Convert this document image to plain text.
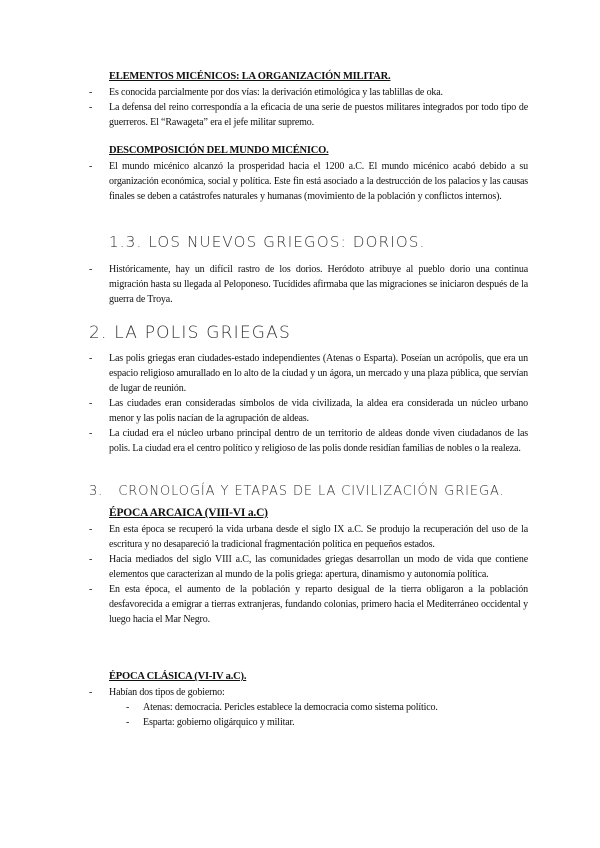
ELEMENTOS MICÉNICOS: LA ORGANIZACIÓN MILITAR.

- Es conocida parcialmente por dos vías: la derivación etimológica y las tablillas de oka.
- La defensa del reino correspondía a la eficacia de una serie de puestos militares integrados por todo tipo de guerreros. El “Rawageta” era el jefe militar supremo.

DESCOMPOSICIÓN DEL MUNDO MICÉNICO.

- El mundo micénico alcanzó la prosperidad hacia el 1200 a.C. El mundo micénico acabó debido a su organización económica, social y política. Este fin está asociado a la destrucción de los palacios y las causas finales se deben a catástrofes naturales y humanas (movimiento de la población y conflictos internos).

1.3. LOS NUEVOS GRIEGOS: DORIOS.

- Históricamente, hay un difícil rastro de los dorios. Heródoto atribuye al pueblo dorio una continua migración hasta su llegada al Peloponeso. Tucídides afirmaba que las migraciones se iniciaron después de la guerra de Troya.

2. LA POLIS GRIEGAS

- Las polis griegas eran ciudades-estado independientes (Atenas o Esparta). Poseían un acrópolis, que era un espacio religioso amurallado en lo alto de la ciudad y un ágora, un mercado y una plaza pública, que servían de lugar de reunión.
- Las ciudades eran consideradas símbolos de vida civilizada, la aldea era considerada un núcleo urbano menor y las polis nacían de la agrupación de aldeas.
- La ciudad era el núcleo urbano principal dentro de un territorio de aldeas donde viven ciudadanos de las polis. La ciudad era el centro político y religioso de las polis donde residían familias de nobles o la realeza.

3. CRONOLOGÍA Y ETAPAS DE LA CIVILIZACIÓN GRIEGA.

ÉPOCA ARCAICA (VIII-VI a.C)

- En esta época se recuperó la vida urbana desde el siglo IX a.C. Se produjo la recuperación del uso de la escritura y no desapareció la tradicional fragmentación política en pequeños estados.
- Hacia mediados del siglo VIII a.C, las comunidades griegas desarrollan un modo de vida que contiene elementos que caracterizan al mundo de la polis griega: apertura, dinamismo y autonomía política.
- En esta época, el aumento de la población y reparto desigual de la tierra obligaron a la población desfavorecida a emigrar a tierras extranjeras, fundando colonias, primero hacia el Mediterráneo occidental y luego hacia el Mar Negro.

ÉPOCA CLÁSICA (VI-IV a.C).

- Habían dos tipos de gobierno:
- Atenas: democracia. Pericles establece la democracia como sistema político.
- Esparta: gobierno oligárquico y militar.
